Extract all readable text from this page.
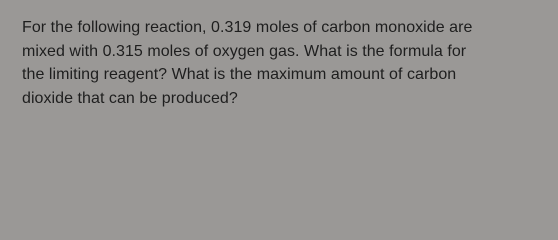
For the following reaction, 0.319 moles of carbon monoxide are
mixed with 0.315 moles of oxygen gas. What is the formula for
the limiting reagent? What is the maximum amount of carbon
dioxide that can be produced?
